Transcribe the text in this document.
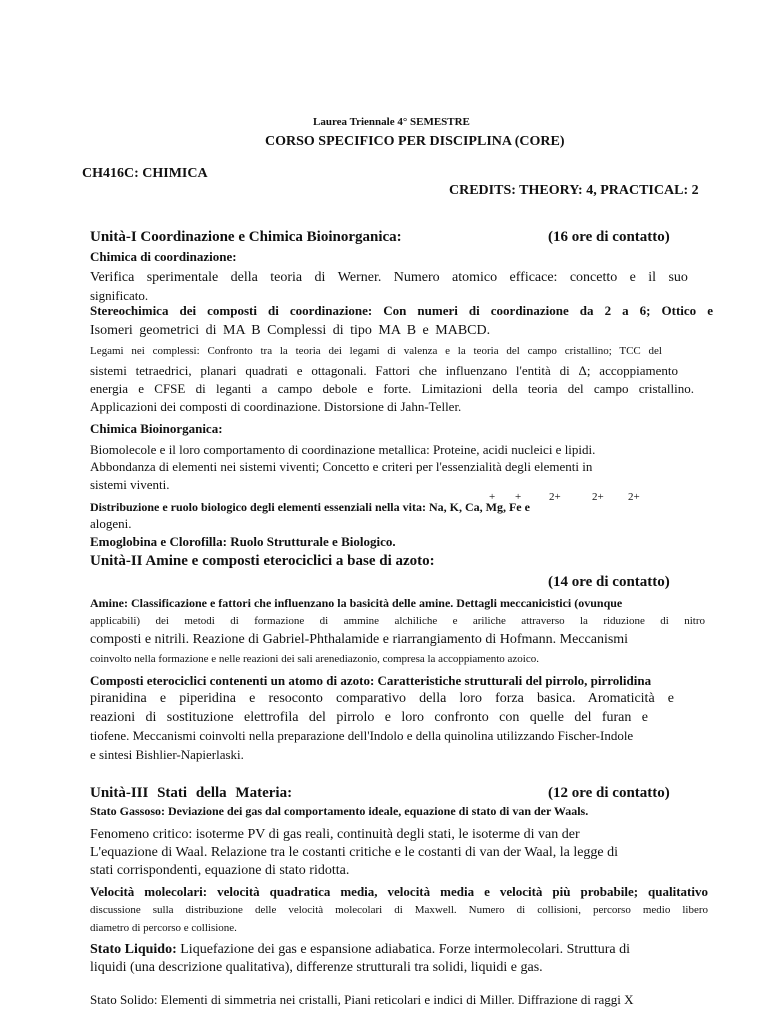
Laurea Triennale 4° SEMESTRE
CORSO SPECIFICO PER DISCIPLINA (CORE)
CH416C: CHIMICA
CREDITS: THEORY: 4, PRACTICAL: 2
Unità-I Coordinazione e Chimica Bioinorganica:	(16 ore di contatto)
Chimica di coordinazione:
Verifica sperimentale della teoria di Werner. Numero atomico efficace: concetto e il suo
significato.
Stereochimica dei composti di coordinazione: Con numeri di coordinazione da 2 a 6; Ottico e
Isomeri geometrici di MA B Complessi di tipo MA B e MABCD.
Legami nei complessi: Confronto tra la teoria dei legami di valenza e la teoria del campo cristallino; TCC del
sistemi tetraedrici, planari quadrati e ottagonali. Fattori che influenzano l'entità di Δ; accoppiamento
energia e CFSE di leganti a campo debole e forte. Limitazioni della teoria del campo cristallino.
Applicazioni dei composti di coordinazione. Distorsione di Jahn-Teller.
Chimica Bioinorganica:
Biomolecole e il loro comportamento di coordinazione metallica: Proteine, acidi nucleici e lipidi.
Abbondanza di elementi nei sistemi viventi; Concetto e criteri per l'essenzialità degli elementi in
sistemi viventi.
Distribuzione e ruolo biologico degli elementi essenziali nella vita: Na, K, Ca, Mg, Fe e
+ +	2+	2+ 2+
alogeni.
Emoglobina e Clorofilla: Ruolo Strutturale e Biologico.
Unità-II Amine e composti eterociclici a base di azoto:
(14 ore di contatto)
Amine: Classificazione e fattori che influenzano la basicità delle amine. Dettagli meccanicistici (ovunque
applicabili) dei metodi di formazione di ammine alchiliche e ariliche attraverso la riduzione di nitro
composti e nitrili. Reazione di Gabriel-Phthalamide e riarrangiamento di Hofmann. Meccanismi
coinvolto nella formazione e nelle reazioni dei sali arenediazonio, compresa la accoppiamento azoico.
Composti eterociclici contenenti un atomo di azoto: Caratteristiche strutturali del pirrolo, pirrolidina
piranidina e piperidina e resoconto comparativo della loro forza basica. Aromaticità e
reazioni di sostituzione elettrofila del pirrolo e loro confronto con quelle del furan e
tiofene. Meccanismi coinvolti nella preparazione dell'Indolo e della quinolina utilizzando Fischer-Indole
e sintesi Bishlier-Napierlaski.
Unità-III Stati della Materia:	(12 ore di contatto)
Stato Gassoso: Deviazione dei gas dal comportamento ideale, equazione di stato di van der Waals.
Fenomeno critico: isoterme PV di gas reali, continuità degli stati, le isoterme di van der
L'equazione di Waal. Relazione tra le costanti critiche e le costanti di van der Waal, la legge di
stati corrispondenti, equazione di stato ridotta.
Velocità molecolari: velocità quadratica media, velocità media e velocità più probabile; qualitativo
discussione sulla distribuzione delle velocità molecolari di Maxwell. Numero di collisioni, percorso medio libero
diametro di percorso e collisione.
Stato Liquido: Liquefazione dei gas e espansione adiabatica. Forze intermolecolari. Struttura di
liquidi (una descrizione qualitativa), differenze strutturali tra solidi, liquidi e gas.
Stato Solido: Elementi di simmetria nei cristalli, Piani reticolari e indici di Miller. Diffrazione di raggi X
